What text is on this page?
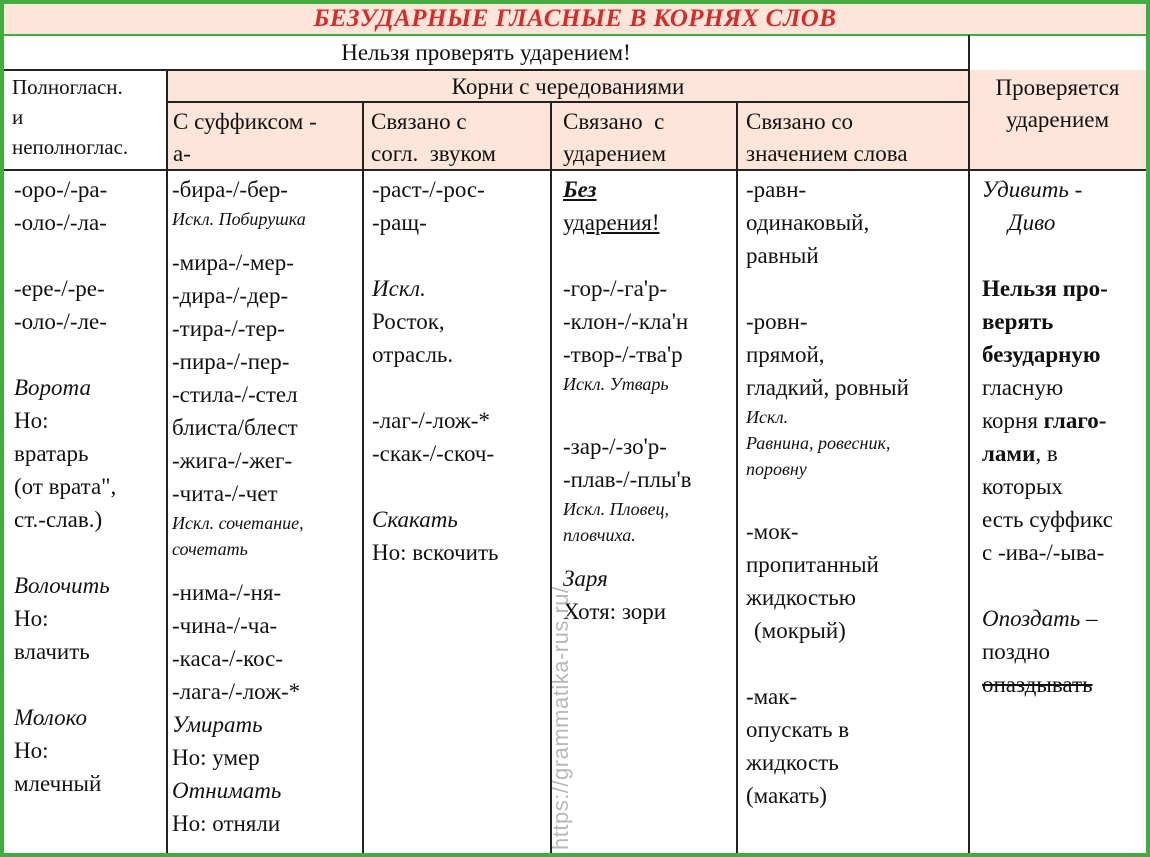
БЕЗУДАРНЫЕ ГЛАСНЫЕ В КОРНЯХ СЛОВ
Нельзя проверять ударением!
Полногласн.
и
неполноглас.
Корни с чередованиями
С суффиксом -
а-
Связано с
согл.  звуком
Связано  с
ударением
Связано со
значением слова
Проверяется
ударением
-оро-/-ра-
-оло-/-ла-
-ере-/-ре-
-оло-/-ле-
Ворота
Но:
вратарь
(от врата",
ст.-слав.)
Волочить
Но:
влачить
Молоко
Но:
млечный
-бира-/-бер-
Искл. Побирушка
-мира-/-мер-
-дира-/-дер-
-тира-/-тер-
-пира-/-пер-
-стила-/-стел
блиста/блест
-жига-/-жег-
-чита-/-чет
Искл. сочетание,
сочетать
-нима-/-ня-
-чина-/-ча-
-каса-/-кос-
-лага-/-лож-*
Умирать
Но: умер
Отнимать
Но: отняли
-раст-/-рос-
-ращ-
Искл.
Росток,
отрасль.
-лаг-/-лож-*
-скак-/-скоч-
Скакать
Но: вскочить
Без
ударения!
-гор-/-га'р-
-клон-/-кла'н
-твор-/-тва'р
Искл. Утварь
-зар-/-зо'р-
-плав-/-плы'в
Искл. Пловец,
пловчиха.
Заря
Хотя: зори
-равн-
одинаковый,
равный
-ровн-
прямой,
гладкий, ровный
Искл.
Равнина, ровесник,
поровну
-мок-
пропитанный
жидкостью
(мокрый)
-мак-
опускать в
жидкость
(макать)
Удивить -
Диво
Нельзя про-
верять
безударную
гласную
корня глаго-
лами, в
которых
есть суффикс
с -ива-/-ыва-
Опоздать –
поздно
опаздывать
https://grammatika-rus.ru/
